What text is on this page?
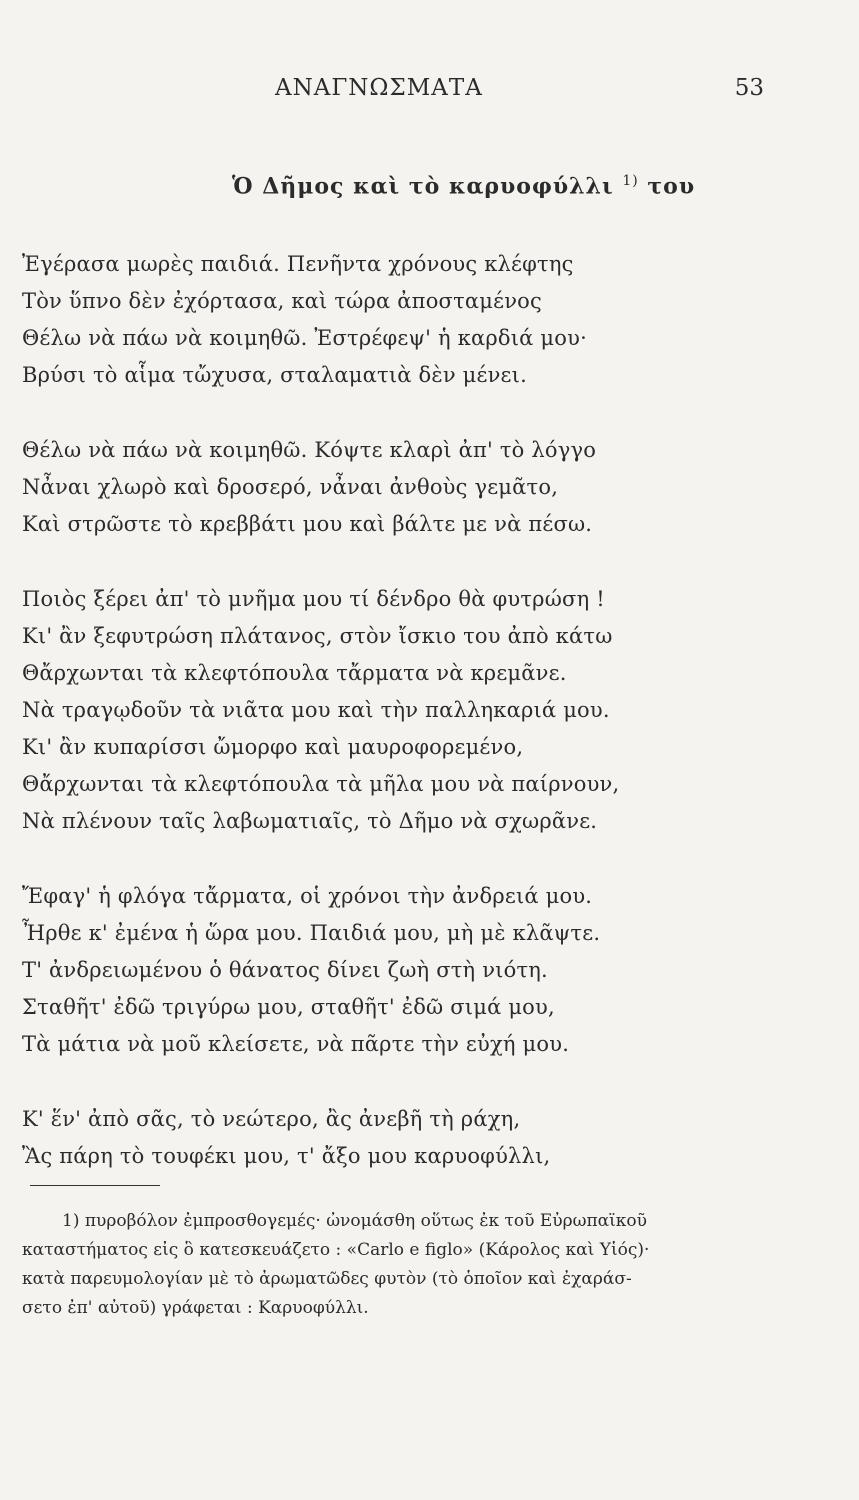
ΑΝΑΓΝΩΣΜΑΤΑ	53
Ὁ Δῆμος καὶ τὸ καρυοφύλλι $^{1)}$ του
Ἐγέρασα μωρὲς παιδιά. Πενῆντα χρόνους κλέφτης
Τὸν ὕπνο δὲν ἐχόρτασα, καὶ τώρα ἀποσταμένος
Θέλω νὰ πάω νὰ κοιμηθῶ. Ἐστρέφεψ' ἡ καρδιά μου·
Βρύσι τὸ αἷμα τὤχυσα, σταλαματιὰ δὲν μένει.
Θέλω νὰ πάω νὰ κοιμηθῶ. Κόψτε κλαρὶ ἀπ' τὸ λόγγο
Νἆναι χλωρὸ καὶ δροσερό, νἆναι ἀνθοὺς γεμᾶτο,
Καὶ στρῶστε τὸ κρεββάτι μου καὶ βάλτε με νὰ πέσω.
Ποιὸς ξέρει ἀπ' τὸ μνῆμα μου τί δένδρο θὰ φυτρώση !
Κι' ἂν ξεφυτρώση πλάτανος, στὸν ἴσκιο του ἀπὸ κάτω
Θἄρχωνται τὰ κλεφτόπουλα τἄρματα νὰ κρεμᾶνε.
Νὰ τραγῳδοῦν τὰ νιᾶτα μου καὶ τὴν παλληκαριά μου.
Κι' ἂν κυπαρίσσι ὤμορφο καὶ μαυροφορεμένο,
Θἄρχωνται τὰ κλεφτόπουλα τὰ μῆλα μου νὰ παίρνουν,
Νὰ πλένουν ταῖς λαβωματιαῖς, τὸ Δῆμο νὰ σχωρᾶνε.
Ἔφαγ' ἡ φλόγα τἄρματα, οἱ χρόνοι τὴν ἀνδρειά μου.
Ἦρθε κ' ἐμένα ἡ ὥρα μου. Παιδιά μου, μὴ μὲ κλᾶψτε.
Τ' ἀνδρειωμένου ὁ θάνατος δίνει ζωὴ στὴ νιότη.
Σταθῆτ' ἐδῶ τριγύρω μου, σταθῆτ' ἐδῶ σιμά μου,
Τὰ μάτια νὰ μοῦ κλείσετε, νὰ πᾶρτε τὴν εὐχή μου.
Κ' ἕν' ἀπὸ σᾶς, τὸ νεώτερο, ἂς ἀνεβῆ τὴ ράχη,
Ἂς πάρη τὸ τουφέκι μου, τ' ἄξο μου καρυοφύλλι,
1) πυροβόλον ἐμπροσθογεμές· ὠνομάσθη οὕτως ἐκ τοῦ Εὐρωπαϊκοῦ
καταστήματος εἰς ὃ κατεσκευάζετο : «Carlo e figlo» (Κάρολος καὶ Υἱός)·
κατὰ παρευμολογίαν μὲ τὸ ἀρωματῶδες φυτὸν (τὸ ὁποῖον καὶ ἐχαράσ-
σετο ἐπ' αὐτοῦ) γράφεται : Καρυοφύλλι.
